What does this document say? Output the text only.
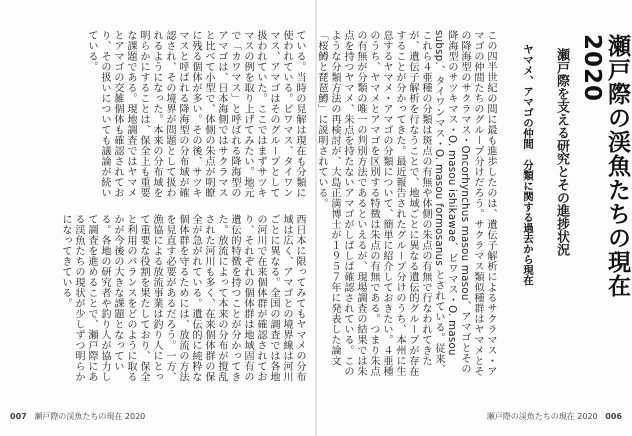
ている。当時の見解は現在も分類に使われている。ビワマス、タイワンマス、アマゴはそのグループとして扱われていた。ここではまずサツキマスの例を取り上げてみたい。地元で「カワマス」と呼ばれる降海型のアマゴは、日本海側ではサクラマスと比べて小型で、体側の朱点が明瞭に残る個体が多い。その後、サツキマスと呼ばれる降海型の分布域が確認され、その境界が問題として扱われるようになった。本来の分布域を明らかにすることは、保全上も重要な課題である。現地調査ではヤマメとアマゴの交雑個体も確認されており、その扱いについても議論が続いている。
西日本に限ってみてもヤマメの分布域は広く、アマゴとの境界線は河川ごとに異なる。全国の調査では各地の河川で在来個体群が確認されており、それぞれの個体群は地域固有の遺伝的特徴を持つことが分かってきた。放流によって本来の分布が撹乱された河川も多く、在来個体群の保全が急がれている。遺伝的に純粋な個体群を守るためには、放流の方法を見直す必要があるだろう。一方、漁協による放流事業は釣り人にとって重要な役割を果たしており、保全と利用のバランスをどのように取るかが今後の大きな課題となっている。各地の研究者や釣り人が協力して調査を進めることで、瀬戸際にある渓魚たちの現状が少しずつ明らかになってきている。
007 瀬戸際の渓魚たちの現在 2020
瀬戸際の渓魚たちの現在 2020
瀬戸際を支える研究とその進捗状況
ヤマメ、アマゴの仲間　分類に関する過去から現在
この四半世紀の間に最も進歩したのは、遺伝子解析によるサクラマス・アマゴの仲間たちのグループ分けだろう。サクラマス類似種群はヤマメとその降海型のサクラマス・Oncorhynchus masou masou、アマゴとその降海型のサツキマス・O. masou ishikawae、ビワマス・O. masou subsp.、タイワンマス・O. masou formosanus とされている。従来、これら４亜種の分類は斑点の有無や体側の朱点の有無で行なわれてきたが、遺伝子解析を行なうことで、地域ごとに異なる遺伝的グループが存在することが分かってきた。最近報告されたグループ分けのうち、本州に生息するヤマメ・アマゴの分類について、簡単に紹介しておきたい。４亜種のうち、ヤマメとアマゴを区別する特徴は朱点の有無である。つまり朱点の有無が分類の唯一の判別方法であるといえるが、現場調査の結果では朱点を持つヤマメ、朱点を持たないアマゴがしばしば確認されている。このような分類方法の再検討が、大島正満博士が１９５７年に発表した論文「桜鱒と琵琶鱒」に説明されている。
瀬戸際の渓魚たちの現在 2020 006
